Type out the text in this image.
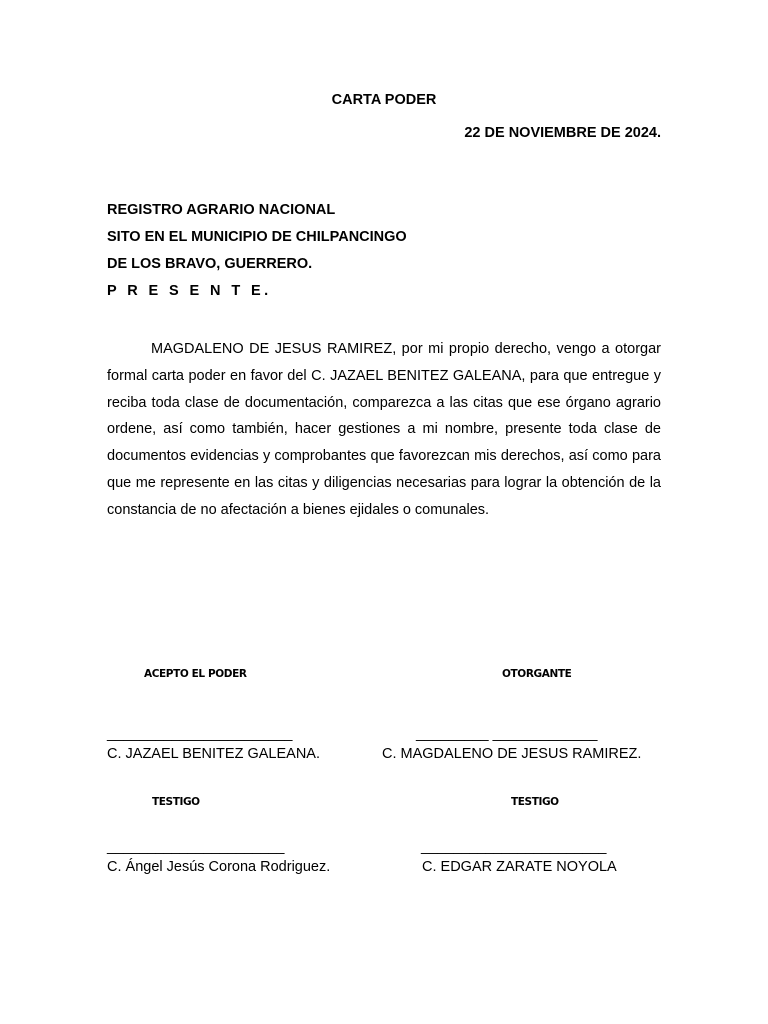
CARTA PODER
22 DE NOVIEMBRE DE 2024.
REGISTRO AGRARIO NACIONAL
SITO EN EL MUNICIPIO DE CHILPANCINGO
DE LOS BRAVO, GUERRERO.
P R E S E N T E.

MAGDALENO DE JESUS RAMIREZ, por mi propio derecho, vengo a otorgar formal carta poder en favor del C. JAZAEL BENITEZ GALEANA, para que entregue y reciba toda clase de documentación, comparezca a las citas que ese órgano agrario ordene, así como también, hacer gestiones a mi nombre, presente toda clase de documentos evidencias y comprobantes que favorezcan mis derechos, así como para que me represente en las citas y diligencias necesarias para lograr la obtención de la constancia de no afectación a bienes ejidales o comunales.

ACEPTO EL PODER	OTORGANTE
_______________________	_________ _____________
C. JAZAEL BENITEZ GALEANA.	C. MAGDALENO DE JESUS RAMIREZ.
TESTIGO	TESTIGO
______________________	_______________________
C. Ángel Jesús Corona Rodriguez.	C. EDGAR ZARATE NOYOLA
